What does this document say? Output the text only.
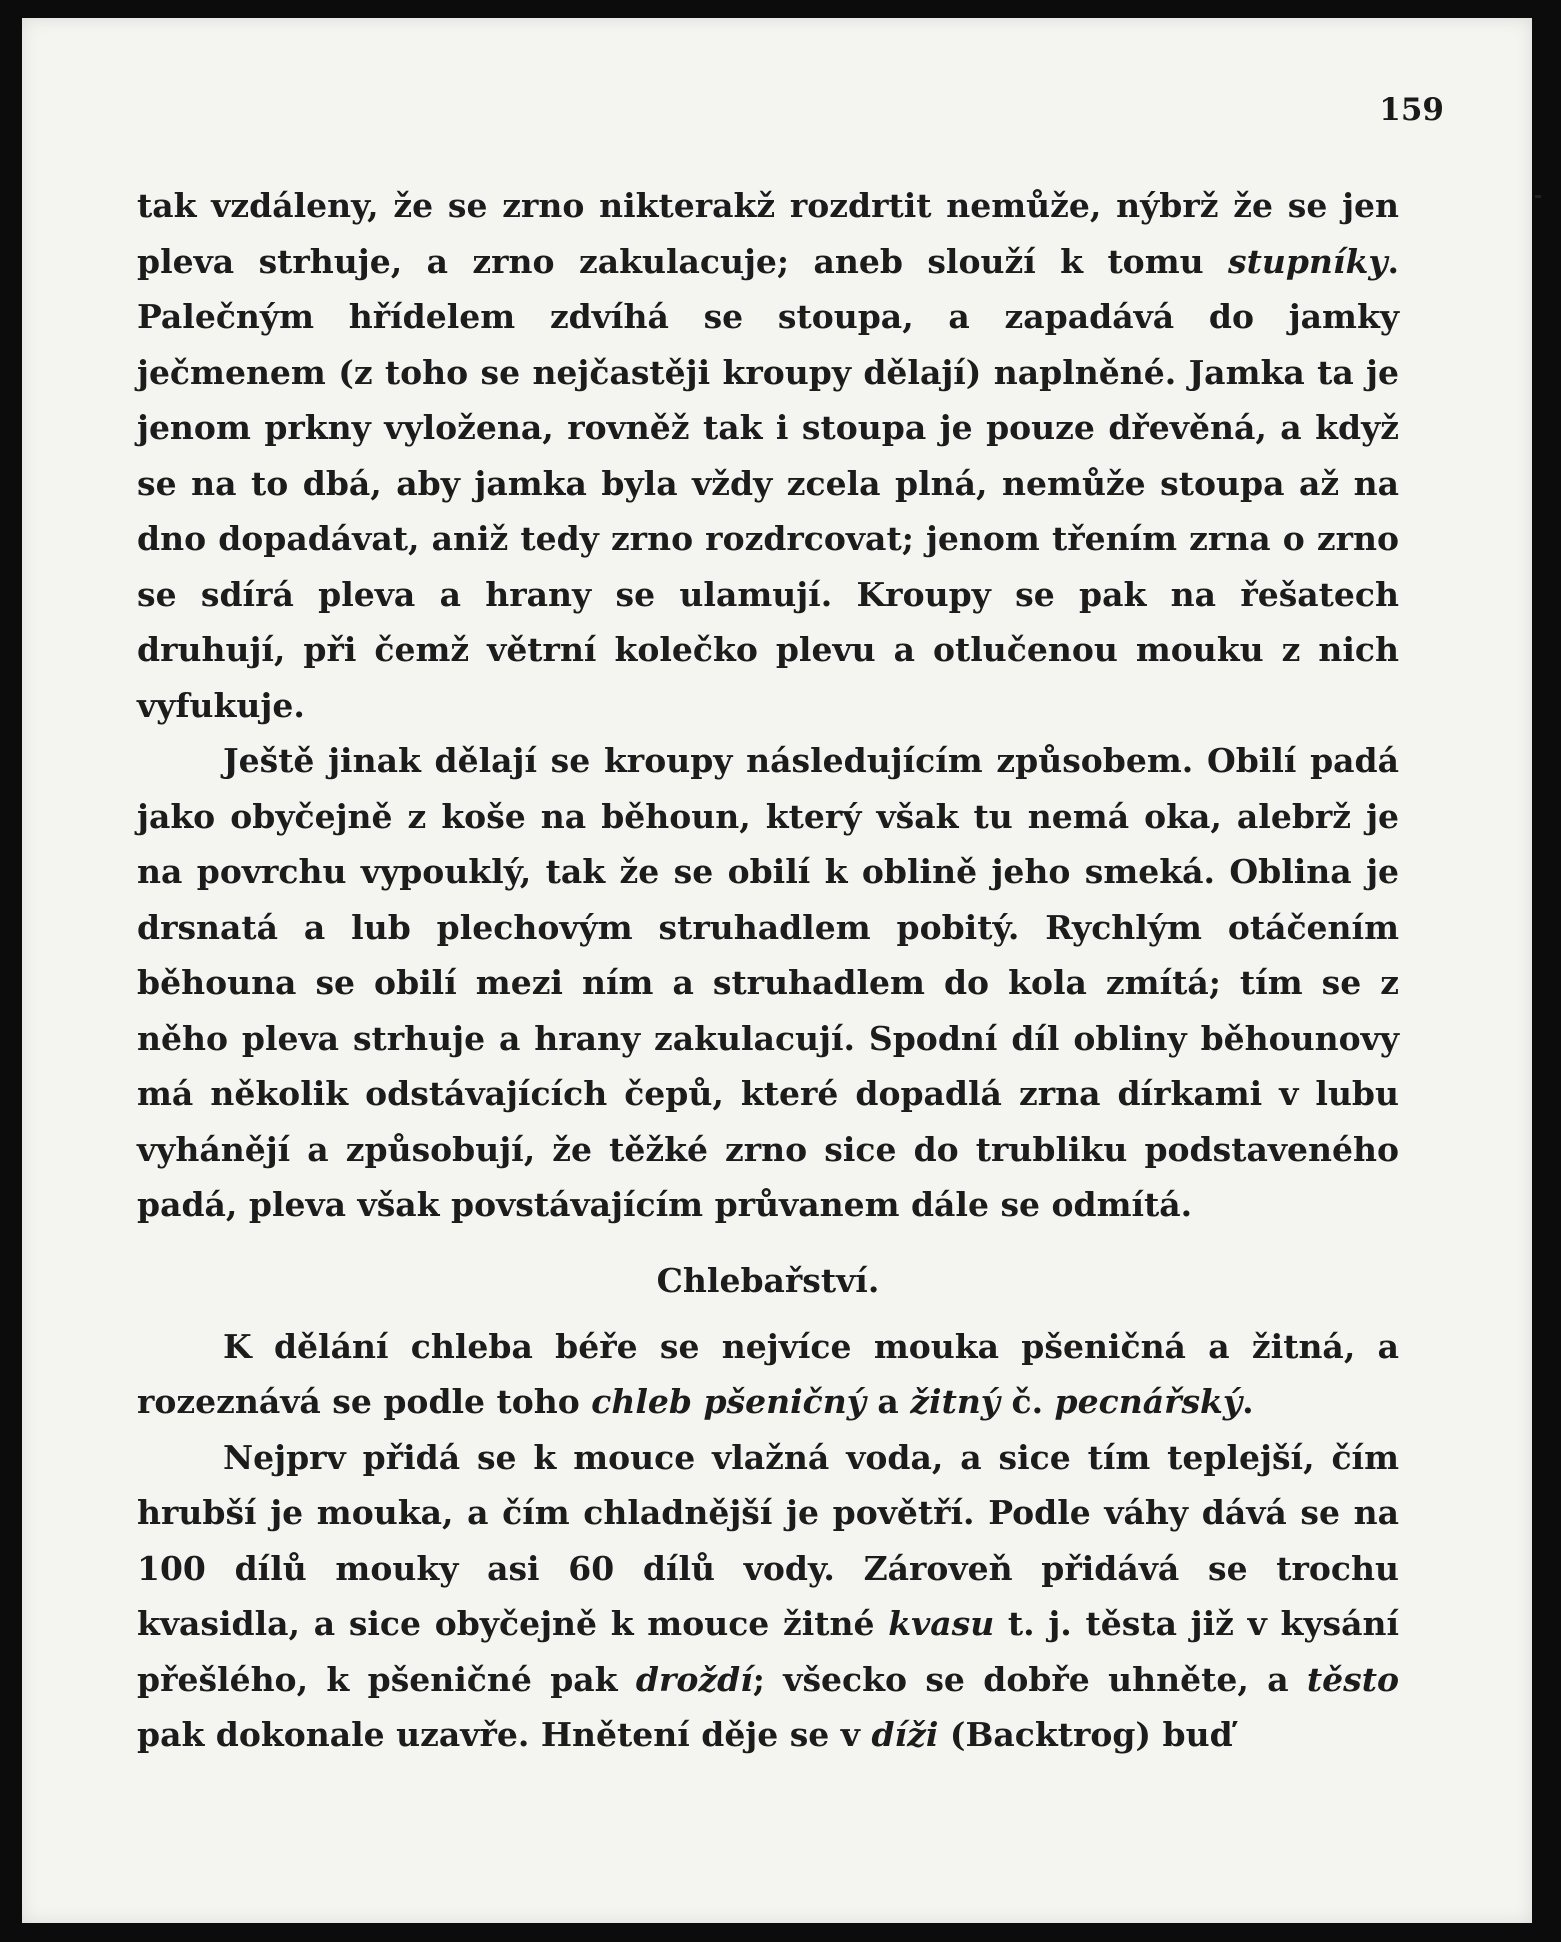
159

tak vzdáleny, že se zrno nikterakž rozdrtit nemůže, nýbrž že se jen pleva strhuje, a zrno zakulacuje; aneb slouží k tomu stupníky. Palečným hřídelem zdvíhá se stoupa, a zapadává do jamky ječmenem (z toho se nejčastěji kroupy dělají) naplněné. Jamka ta je jenom prkny vyložena, rovněž tak i stoupa je pouze dřevěná, a když se na to dbá, aby jamka byla vždy zcela plná, nemůže stoupa až na dno dopadávat, aniž tedy zrno rozdrcovat; jenom třením zrna o zrno se sdírá pleva a hrany se ulamují. Kroupy se pak na řešatech druhují, při čemž větrní kolečko plevu a otlučenou mouku z nich vyfukuje.

Ještě jinak dělají se kroupy následujícím způsobem. Obilí padá jako obyčejně z koše na běhoun, který však tu nemá oka, alebrž je na povrchu vypouklý, tak že se obilí k oblině jeho smeká. Oblina je drsnatá a lub plechovým struhadlem pobitý. Rychlým otáčením běhouna se obilí mezi ním a struhadlem do kola zmítá; tím se z něho pleva strhuje a hrany zakulacují. Spodní díl obliny běhounovy má několik odstávajících čepů, které dopadlá zrna dírkami v lubu vyhánějí a způsobují, že těžké zrno sice do trubliku podstaveného padá, pleva však povstávajícím průvanem dále se odmítá.

Chlebařství.

K dělání chleba béře se nejvíce mouka pšeničná a žitná, a rozeznává se podle toho chleb pšeničný a žitný č. pecnářský.

Nejprv přidá se k mouce vlažná voda, a sice tím teplejší, čím hrubší je mouka, a čím chladnější je povětří. Podle váhy dává se na 100 dílů mouky asi 60 dílů vody. Zároveň přidává se trochu kvasidla, a sice obyčejně k mouce žitné kvasu t. j. těsta již v kysání přešlého, k pšeničné pak droždí; všecko se dobře uhněte, a těsto pak dokonale uzavře. Hnětení děje se v díži (Backtrog) buď
